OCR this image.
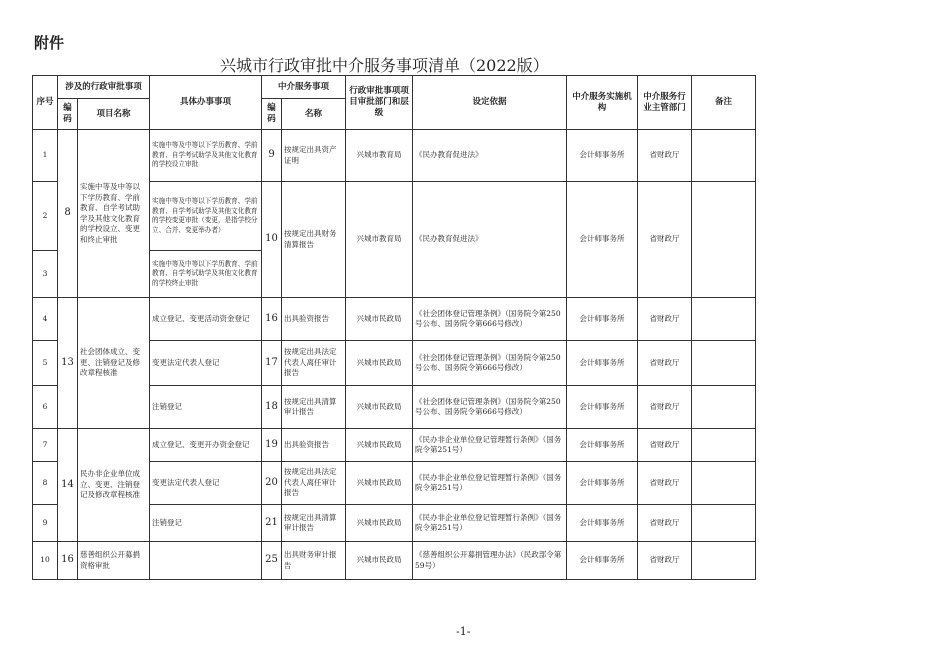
附件
兴城市行政审批中介服务事项清单（2022版）
序号	涉及的行政审批事项		具体办事事项	中介服务事项		行政审批事项项目审批部门和层级	设定依据	中介服务实施机构	中介服务行业主管部门	备注
	编码	项目名称		编码	名称					
1	8	实施中等及中等以下学历教育、学前教育、自学考试助学及其他文化教育的学校设立、变更和终止审批	实施中等及中等以下学历教育、学前教育、自学考试助学及其他文化教育的学校设立审批	9	按规定出具资产证明	兴城市教育局	《民办教育促进法》	会计师事务所	省财政厅	
2			实施中等及中等以下学历教育、学前教育、自学考试助学及其他文化教育的学校变更审批（变更，是指学校分立、合并、变更举办者）	10	按规定出具财务清算报告	兴城市教育局	《民办教育促进法》	会计师事务所	省财政厅	
3			实施中等及中等以下学历教育、学前教育、自学考试助学及其他文化教育的学校终止审批							
4	13	社会团体成立、变更、注销登记及修改章程核准	成立登记、变更活动资金登记	16	出具验资报告	兴城市民政局	《社会团体登记管理条例》（国务院令第250号公布、国务院令第666号修改）	会计师事务所	省财政厅	
5			变更法定代表人登记	17	按规定出具法定代表人离任审计报告	兴城市民政局	《社会团体登记管理条例》（国务院令第250号公布、国务院令第666号修改）	会计师事务所	省财政厅	
6			注销登记	18	按规定出具清算审计报告	兴城市民政局	《社会团体登记管理条例》（国务院令第250号公布、国务院令第666号修改）	会计师事务所	省财政厅	
7	14	民办非企业单位成立、变更、注销登记及修改章程核准	成立登记、变更开办资金登记	19	出具验资报告	兴城市民政局	《民办非企业单位登记管理暂行条例》（国务院令第251号）	会计师事务所	省财政厅	
8			变更法定代表人登记	20	按规定出具法定代表人离任审计报告	兴城市民政局	《民办非企业单位登记管理暂行条例》（国务院令第251号）	会计师事务所	省财政厅	
9			注销登记	21	按规定出具清算审计报告	兴城市民政局	《民办非企业单位登记管理暂行条例》（国务院令第251号）	会计师事务所	省财政厅	
10	16	慈善组织公开募捐资格审批		25	出具财务审计报告	兴城市民政局	《慈善组织公开募捐管理办法》（民政部令第59号）	会计师事务所	省财政厅	
-1-
